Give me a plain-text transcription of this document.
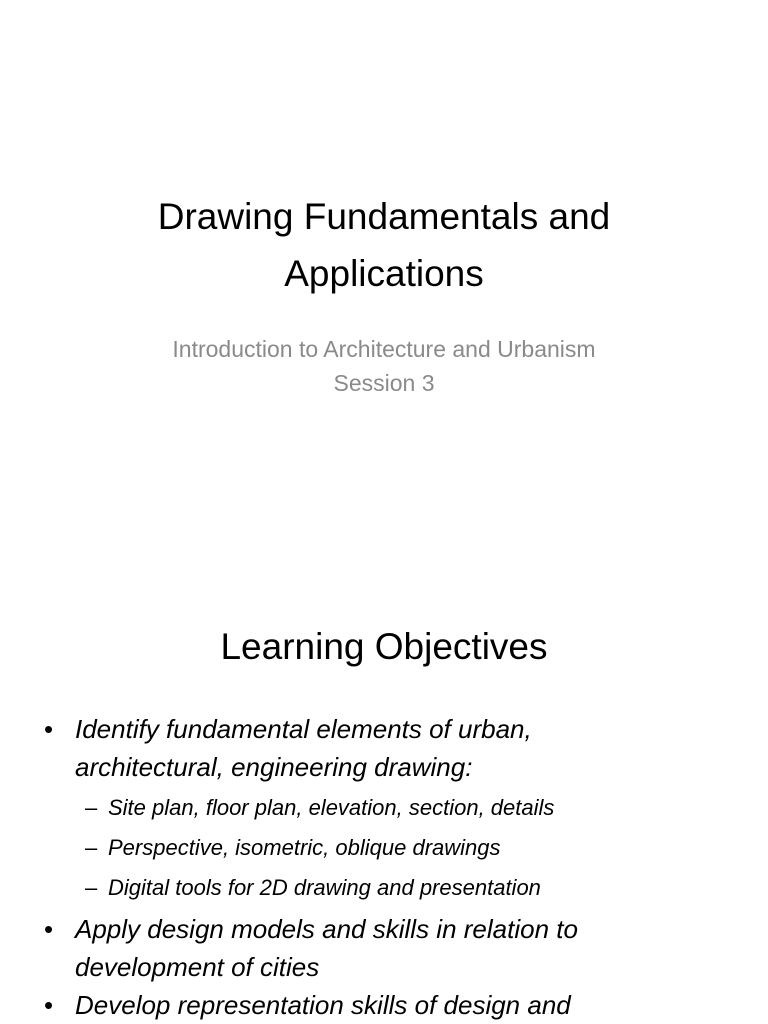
Drawing Fundamentals and
Applications
Introduction to Architecture and Urbanism
Session 3
Learning Objectives
• Identify fundamental elements of urban,
architectural, engineering drawing:
– Site plan, floor plan, elevation, section, details
– Perspective, isometric, oblique drawings
– Digital tools for 2D drawing and presentation
• Apply design models and skills in relation to
development of cities
• Develop representation skills of design and
